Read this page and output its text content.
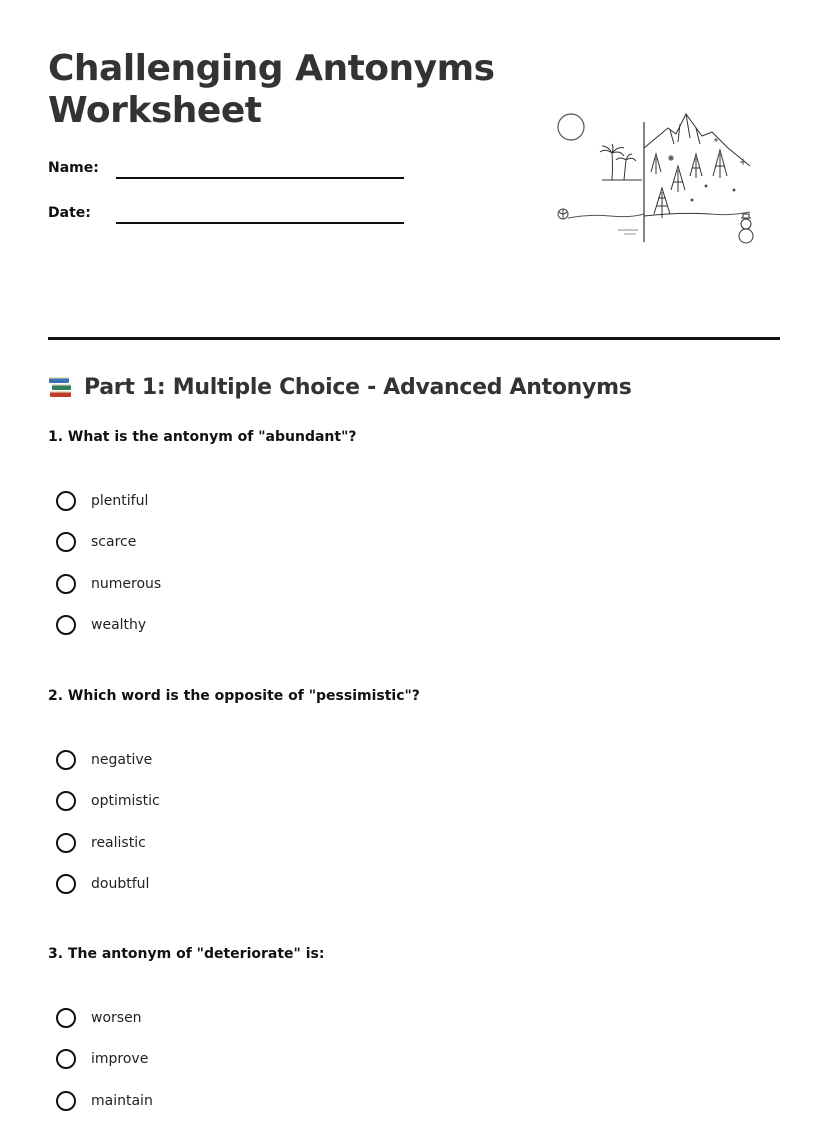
Challenging Antonyms Worksheet
Name:
Date:
Part 1: Multiple Choice - Advanced Antonyms

1. What is the antonym of "abundant"?

plentiful
scarce
numerous
wealthy

2. Which word is the opposite of "pessimistic"?

negative
optimistic
realistic
doubtful

3. The antonym of "deteriorate" is:

worsen
improve
maintain
